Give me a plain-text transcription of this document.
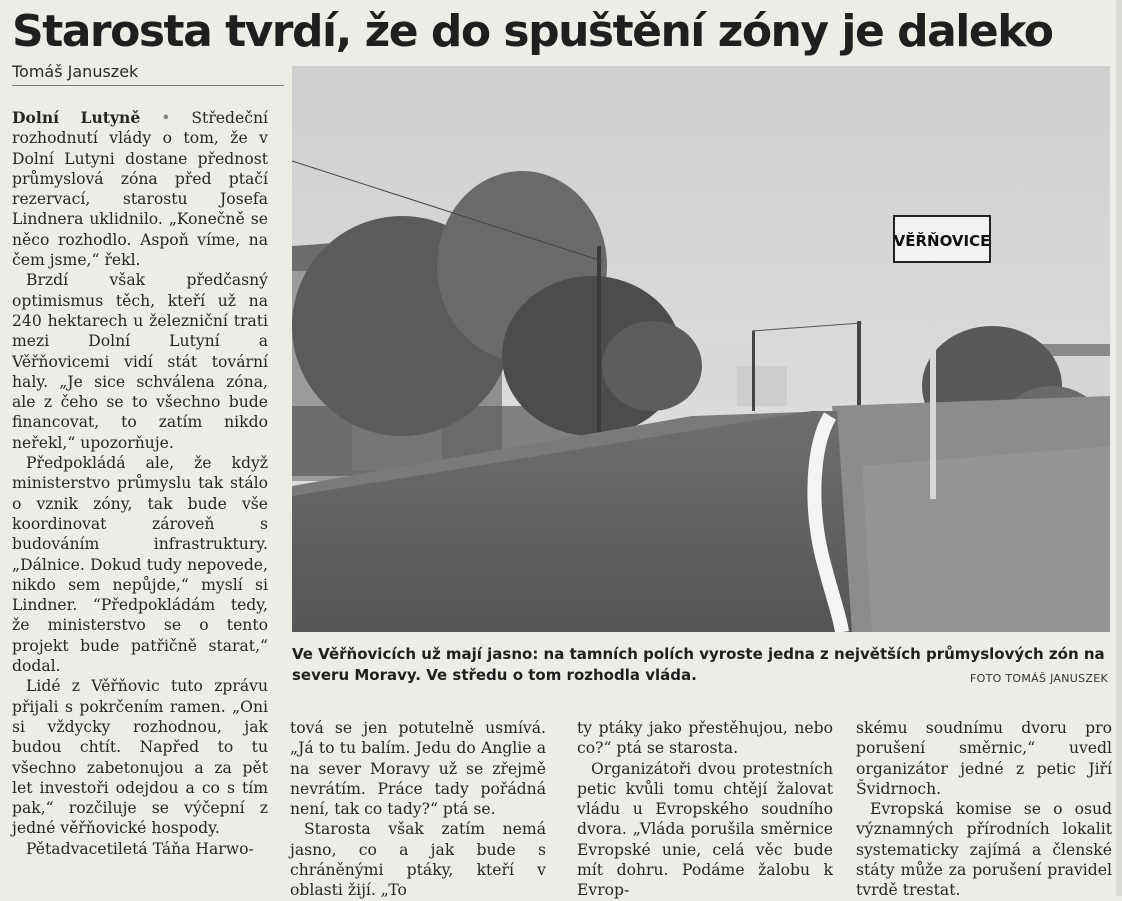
Starosta tvrdí, že do spuštění zóny je daleko
Tomáš Januszek

Dolní Lutyně • Středeční rozhodnutí vlády o tom, že v Dolní Lutyni dostane přednost průmyslová zóna před ptačí rezervací, starostu Josefa Lindnera uklidnilo. „Konečně se něco rozhodlo. Aspoň víme, na čem jsme,“ řekl.

Brzdí však předčasný optimismus těch, kteří už na 240 hektarech u železniční trati mezi Dolní Lutyní a Věřňovicemi vidí stát tovární haly. „Je sice schválena zóna, ale z čeho se to všechno bude financovat, to zatím nikdo neřekl,“ upozorňuje.

Předpokládá ale, že když ministerstvo průmyslu tak stálo o vznik zóny, tak bude vše koordinovat zároveň s budováním infrastruktury. „Dálnice. Dokud tudy nepovede, nikdo sem nepůjde,“ myslí si Lindner. “Předpokládám tedy, že ministerstvo se o tento projekt bude patřičně starat,“ dodal.

Lidé z Věřňovic tuto zprávu přijali s pokrčením ramen. „Oni si vždycky rozhodnou, jak budou chtít. Napřed to tu všechno zabetonujou a za pět let investoři odejdou a co s tím pak,“ rozčiluje se výčepní z jedné věřňovické hospody.

Pětadvacetiletá Táňa Harwo-

VĚŘŇOVICE
Ve Věřňovicích už mají jasno: na tamních polích vyroste jedna z největších průmyslových zón na severu Moravy. Ve středu o tom rozhodla vláda.	FOTO TOMÁŠ JANUSZEK

tová se jen potutelně usmívá. „Já to tu balím. Jedu do Anglie a na sever Moravy už se zřejmě nevrátím. Práce tady pořádná není, tak co tady?“ ptá se.

Starosta však zatím nemá jasno, co a jak bude s chráněnými ptáky, kteří v oblasti žijí. „To

ty ptáky jako přestěhujou, nebo co?“ ptá se starosta.

Organizátoři dvou protestních petic kvůli tomu chtějí žalovat vládu u Evropského soudního dvora. „Vláda porušila směrnice Evropské unie, celá věc bude mít dohru. Podáme žalobu k Evrop-

skému soudnímu dvoru pro porušení směrnic,“ uvedl organizátor jedné z petic Jiří Švidrnoch.

Evropská komise se o osud významných přírodních lokalit systematicky zajímá a členské státy může za porušení pravidel tvrdě trestat.
